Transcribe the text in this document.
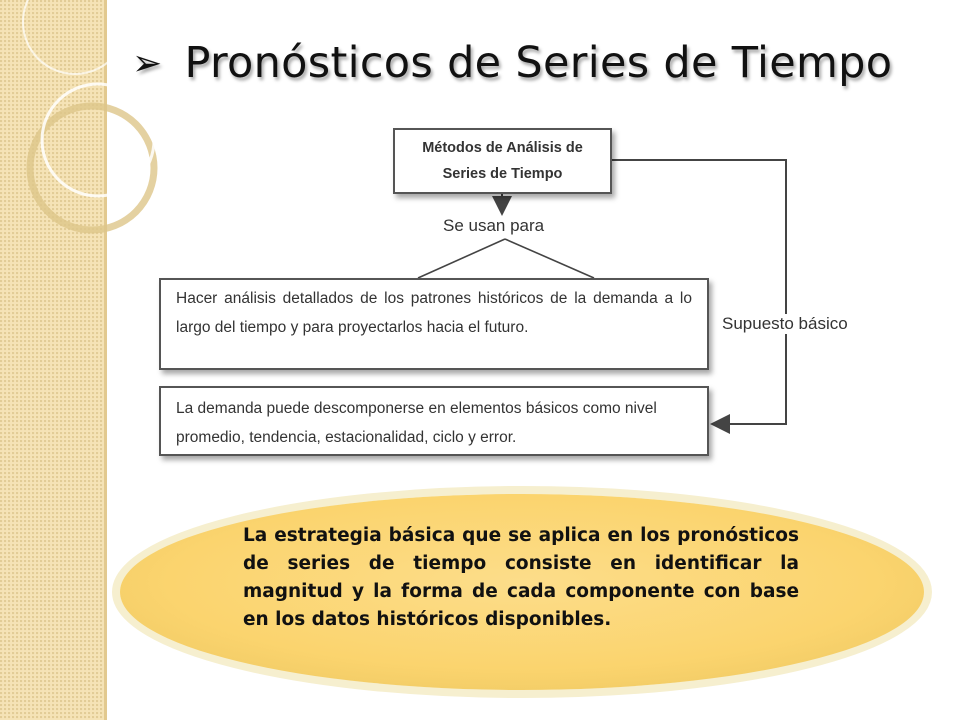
➢ Pronósticos de Series de Tiempo
Métodos de Análisis de
Series de Tiempo
Se usan para
Hacer análisis detallados de los patrones históricos de la demanda a lo largo del tiempo y para proyectarlos hacia el futuro.	Supuesto básico
La demanda puede descomponerse en elementos básicos como nivel promedio, tendencia, estacionalidad, ciclo y error.
La estrategia básica que se aplica en los pronósticos de series de tiempo consiste en identificar la magnitud y la forma de cada componente con base en los datos históricos disponibles.
